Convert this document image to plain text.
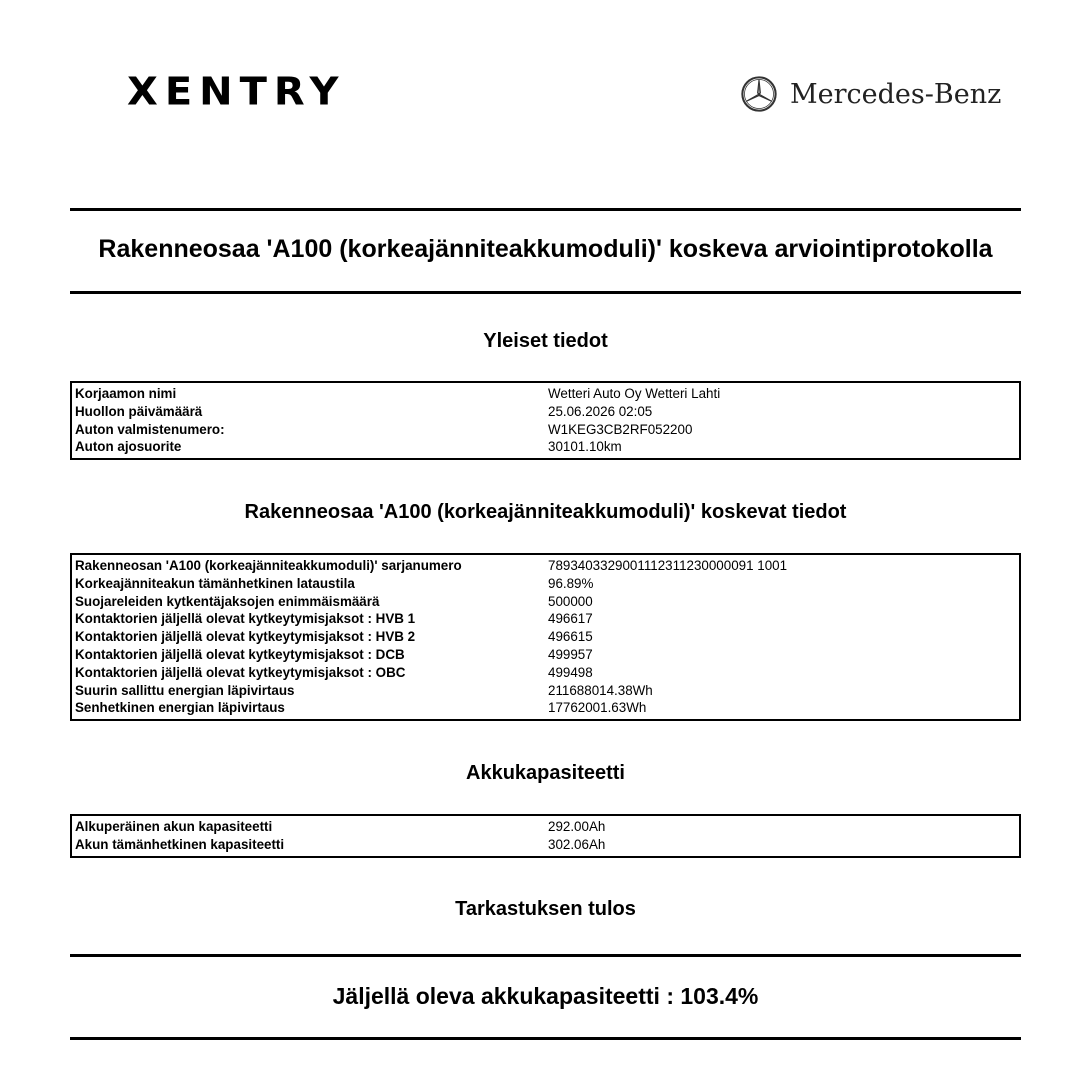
XENTRY	Mercedes-Benz
Rakenneosaa 'A100 (korkeajänniteakkumoduli)' koskeva arviointiprotokolla
Yleiset tiedot
Korjaamon nimi	Wetteri Auto Oy Wetteri Lahti
Huollon päivämäärä	25.06.2026 02:05
Auton valmistenumero:	W1KEG3CB2RF052200
Auton ajosuorite	30101.10km
Rakenneosaa 'A100 (korkeajänniteakkumoduli)' koskevat tiedot
Rakenneosan 'A100 (korkeajänniteakkumoduli)' sarjanumero	7893403329001112311230000091 1001
Korkeajänniteakun tämänhetkinen lataustila	96.89%
Suojareleiden kytkentäjaksojen enimmäismäärä	500000
Kontaktorien jäljellä olevat kytkeytymisjaksot : HVB 1	496617
Kontaktorien jäljellä olevat kytkeytymisjaksot : HVB 2	496615
Kontaktorien jäljellä olevat kytkeytymisjaksot : DCB	499957
Kontaktorien jäljellä olevat kytkeytymisjaksot : OBC	499498
Suurin sallittu energian läpivirtaus	211688014.38Wh
Senhetkinen energian läpivirtaus	17762001.63Wh
Akkukapasiteetti
Alkuperäinen akun kapasiteetti	292.00Ah
Akun tämänhetkinen kapasiteetti	302.06Ah
Tarkastuksen tulos
Jäljellä oleva akkukapasiteetti : 103.4%
